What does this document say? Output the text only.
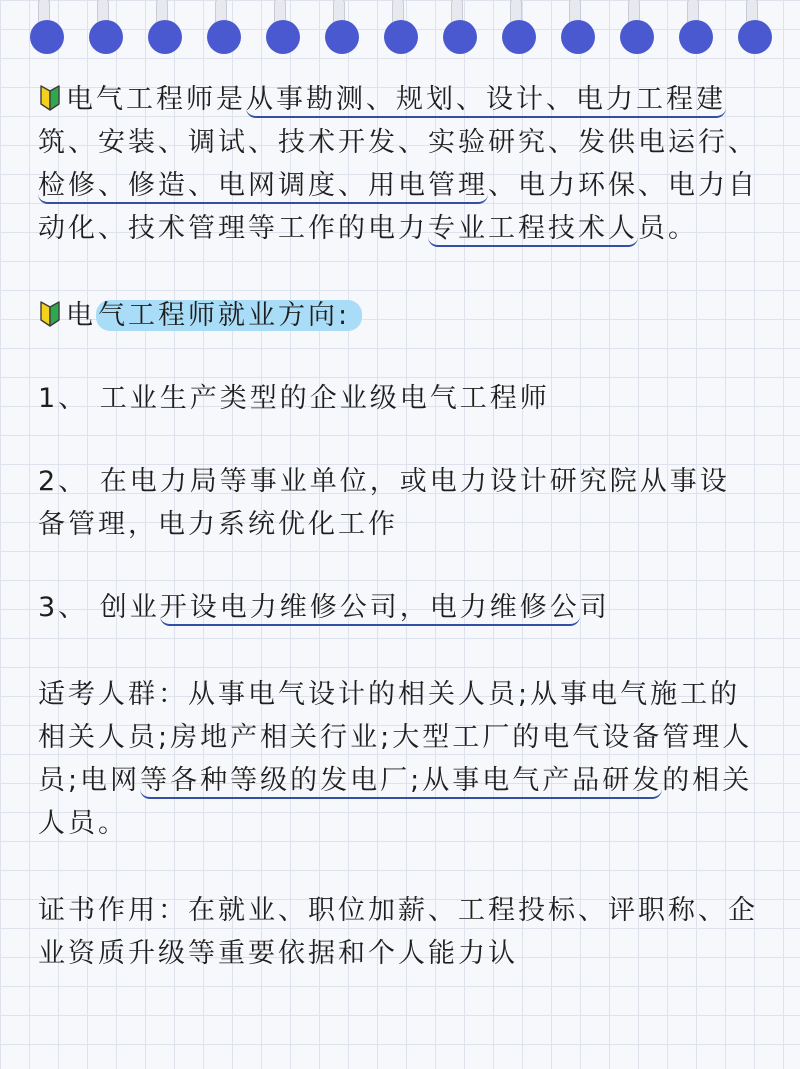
电气工程师是从事勘测、规划、设计、电力工程建筑、安装、调试、技术开发、实验研究、发供电运行、检修、修造、电网调度、用电管理、电力环保、电力自动化、技术管理等工作的电力专业工程技术人员。

电气工程师就业方向:

1、 工业生产类型的企业级电气工程师

2、 在电力局等事业单位，或电力设计研究院从事设备管理，电力系统优化工作

3、 创业开设电力维修公司，电力维修公司

适考人群：从事电气设计的相关人员;从事电气施工的相关人员;房地产相关行业;大型工厂的电气设备管理人员;电网等各种等级的发电厂;从事电气产品研发的相关人员。

证书作用：在就业、职位加薪、工程投标、评职称、企业资质升级等重要依据和个人能力认
